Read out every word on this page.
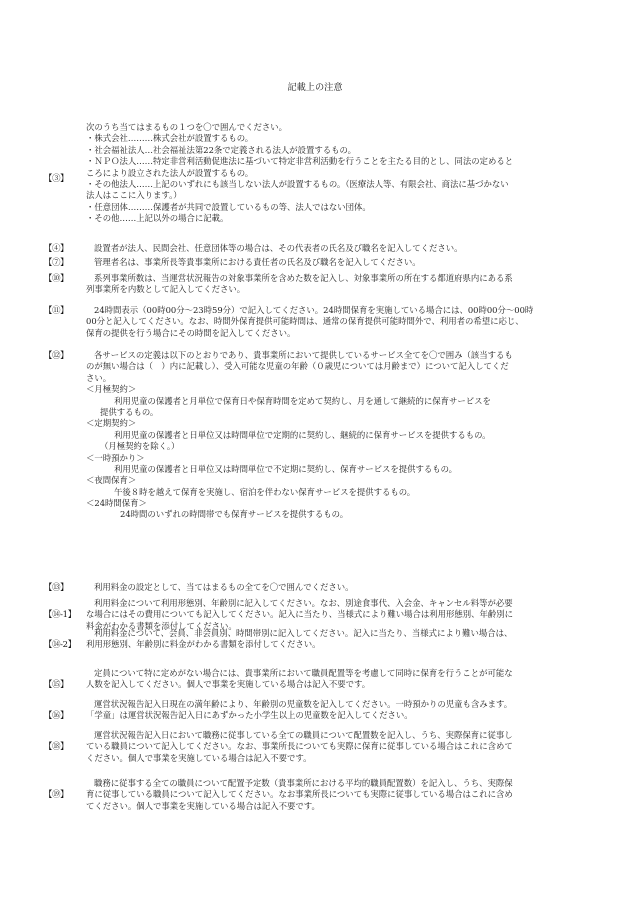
記載上の注意
【③】
次のうち当てはまるもの１つを〇で囲んでください。
・株式会社………株式会社が設置するもの。
・社会福祉法人…社会福祉法第22条で定義される法人が設置するもの。
・ＮＰＯ法人……特定非営利活動促進法に基づいて特定非営利活動を行うことを主たる目的とし、同法の定めると
ころにより設立された法人が設置するもの。
・その他法人……上記のいずれにも該当しない法人が設置するもの。（医療法人等、有限会社、商法に基づかない
法人はここに入ります。）
・任意団体………保護者が共同で設置しているもの等、法人ではない団体。
・その他……上記以外の場合に記載。
【④】	設置者が法人、民間会社、任意団体等の場合は、その代表者の氏名及び職名を記入してください。
【⑦】	管理者名は、事業所長等貴事業所における責任者の氏名及び職名を記入してください。
【⑩】	系列事業所数は、当運営状況報告の対象事業所を含めた数を記入し、対象事業所の所在する都道府県内にある系
列事業所を内数として記入してください。
【⑪】	24時間表示（00時00分～23時59分）で記入してください。24時間保育を実施している場合には、00時00分～00時
00分と記入してください。なお、時間外保育提供可能時間は、通常の保育提供可能時間外で、利用者の希望に応じ、
保育の提供を行う場合にその時間を記入してください。
【⑫】	各サービスの定義は以下のとおりであり、貴事業所において提供しているサービス全てを〇で囲み（該当するも
のが無い場合は（　）内に記載し）、受入可能な児童の年齢（０歳児については月齢まで）について記入してくだ
さい。
＜月極契約＞
利用児童の保護者と月単位で保育日や保育時間を定めて契約し、月を通して継続的に保育サービスを
提供するもの。
＜定期契約＞
利用児童の保護者と日単位又は時間単位で定期的に契約し、継続的に保育サービスを提供するもの。
（月極契約を除く。）
＜一時預かり＞
利用児童の保護者と日単位又は時間単位で不定期に契約し、保育サービスを提供するもの。
＜夜間保育＞
午後８時を越えて保育を実施し、宿泊を伴わない保育サービスを提供するもの。
＜24時間保育＞
24時間のいずれの時間帯でも保育サービスを提供するもの。
【⑬】	利用料金の設定として、当てはまるもの全てを〇で囲んでください。
【⑭-1】
利用料金について利用形態別、年齢別に記入してください。なお、別途食事代、入会金、キャンセル料等が必要
な場合にはその費用についても記入してください。記入に当たり、当様式により難い場合は利用形態別、年齢別に
料金がわかる書類を添付してください。
【⑭-2】
利用料金について、会員、非会員別、時間帯別に記入してください。記入に当たり、当様式により難い場合は、
利用形態別、年齢別に料金がわかる書類を添付してください。
【⑮】
定員について特に定めがない場合には、貴事業所において職員配置等を考慮して同時に保育を行うことが可能な
人数を記入してください。個人で事業を実施している場合は記入不要です。
【⑯】
運営状況報告記入日現在の満年齢により、年齢別の児童数を記入してください。一時預かりの児童も含みます。
「学童」は運営状況報告記入日にあずかった小学生以上の児童数を記入してください。
【⑱】
運営状況報告記入日において職務に従事している全ての職員について配置数を記入し、うち、実際保育に従事し
ている職員について記入してください。なお、事業所長についても実際に保育に従事している場合はこれに含めて
ください。個人で事業を実施している場合は記入不要です。
【⑲】
職務に従事する全ての職員について配置予定数（貴事業所における平均的職員配置数）を記入し、うち、実際保
育に従事している職員について記入してください。なお事業所長についても実際に従事している場合はこれに含め
てください。個人で事業を実施している場合は記入不要です。
